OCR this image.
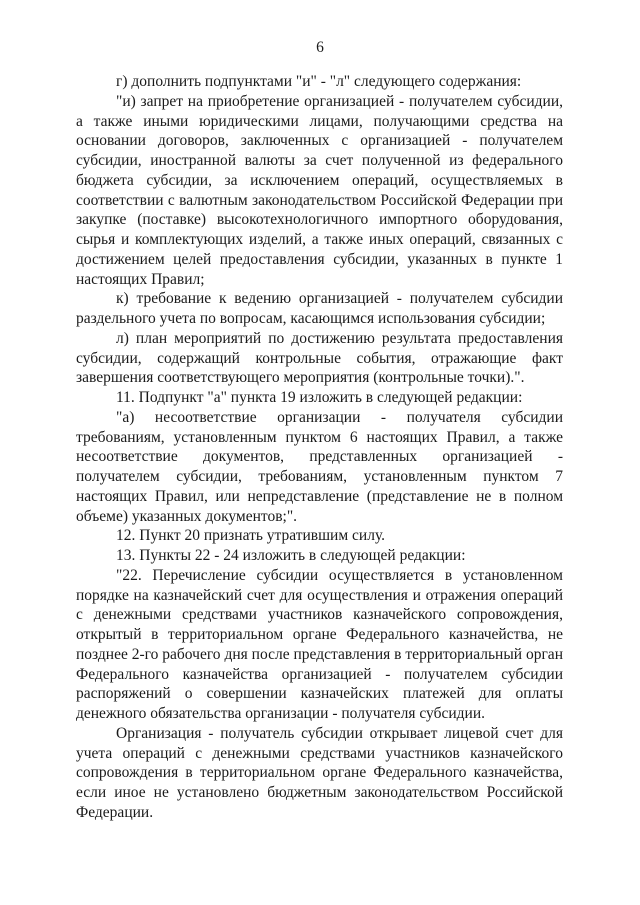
6

г) дополнить подпунктами "и" - "л" следующего содержания:

"и) запрет на приобретение организацией - получателем субсидии, а также иными юридическими лицами, получающими средства на основании договоров, заключенных с организацией - получателем субсидии, иностранной валюты за счет полученной из федерального бюджета субсидии, за исключением операций, осуществляемых в соответствии с валютным законодательством Российской Федерации при закупке (поставке) высокотехнологичного импортного оборудования, сырья и комплектующих изделий, а также иных операций, связанных с достижением целей предоставления субсидии, указанных в пункте 1 настоящих Правил;

к) требование к ведению организацией - получателем субсидии раздельного учета по вопросам, касающимся использования субсидии;

л) план мероприятий по достижению результата предоставления субсидии, содержащий контрольные события, отражающие факт завершения соответствующего мероприятия (контрольные точки).".

11. Подпункт "а" пункта 19 изложить в следующей редакции:

"а) несоответствие организации - получателя субсидии требованиям, установленным пунктом 6 настоящих Правил, а также несоответствие документов, представленных организацией - получателем субсидии, требованиям, установленным пунктом 7 настоящих Правил, или непредставление (представление не в полном объеме) указанных документов;".

12. Пункт 20 признать утратившим силу.

13. Пункты 22 - 24 изложить в следующей редакции:

"22. Перечисление субсидии осуществляется в установленном порядке на казначейский счет для осуществления и отражения операций с денежными средствами участников казначейского сопровождения, открытый в территориальном органе Федерального казначейства, не позднее 2-го рабочего дня после представления в территориальный орган Федерального казначейства организацией - получателем субсидии распоряжений о совершении казначейских платежей для оплаты денежного обязательства организации - получателя субсидии.

Организация - получатель субсидии открывает лицевой счет для учета операций с денежными средствами участников казначейского сопровождения в территориальном органе Федерального казначейства, если иное не установлено бюджетным законодательством Российской Федерации.
